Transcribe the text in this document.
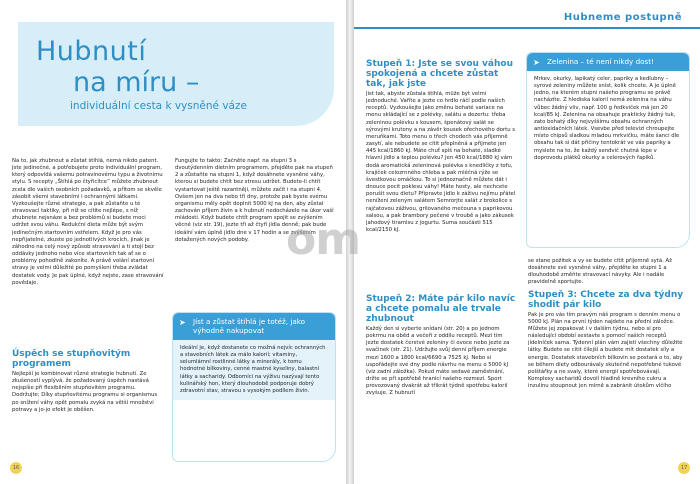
Hubnutí
na míru –
individuální cesta k vysněné váze
Na to, jak zhubnout a zůstat štíhlá, nemá nikdo patent. Jste jedinečné, a potřebujete proto individuální program, který odpovídá vašemu potravinovému typu a životnímu stylu. S recepty „Štíhlá po čtyřicítce“ můžete zhubnout zcela dle vašich osobních požadavků, a přitom se skvěle zásobit všemi stavebními i ochrannými látkami. Vyzkoušejte různé strategie, a pak zůstaňte u té stravovací taktiky, při níž se cítíte nejlépe, s níž zhubnete nejsnáze a bez problémů si budete moci udržet svou váhu. Redukční dieta může být svým jedinečným startovním vstřelem. Když je pro vás nepřijatelné, zkuste po jednotlivých krocích, jinak je záhodno na celý nový způsob stravování a ti stojí bez oddávky jednoho nebo více startovních tak ať se o problémy pohodlně zakoníte. A právě volání startovní stravy je velmi důležité po pomyšlení třeba zvládat dostatek vody. Je pak úplné, když nejste, zase stravování povědaje.
Úspěch se stupňovitým programem
Nejlepší je kombinovat různé strategie hubnutí. Ze zkušeností vyplývá, že požadovaný úspěch nastává nejspíše při flexibilním stupňovitém programu. Dodržujte; Díky stupňovitému programu si organismus po snížení váhy opět pomalu zvyká na větší množství potravy a jo-jo efekt je oběšen.
Fungujte to takto: Začněte např. na stupni 3 s dvoutýdenním dietním programem, přejděte pak na stupeň 2 a zůstaňte na stupni 1, když dosáhnete vysněné váhy, kterou si budete chtít bez stresu udržet. Budete-li chtít vystartovat ještě razantněji, můžete začít i na stupni 4. Ovšem jen na dva nebo tři dny, protože pak byste svému organismu měly opět doplnit 5000 kJ na den, aby zůstal zachován příjem živin a k hubnutí nedocházelo na úkor vaší mládosti. Když budete chtít program spojit se zvýšením věcné (viz str. 19), jezte tři až čtyři jídla denně; pak bude ideální vám úplně jídlo dne v 17 hodin a se zvýšením dotažených nových podoby.
➤ Jíst a zůstat štíhlá je totéž, jako výhodně nakupovat
Ideální je, když dostanete co možná nejvíc ochranných a stavebních látek za málo kalorií; vitaminy, selumlámní rostlinné látky a minerály, k tomu hodnotné bílkoviny, cenné mastné kyseliny, balastní látky a sacharidy. Odborníci na výživu nazývají tento kulinářský hon, který dlouhodobě podporuje dobrý zdravotní stav, stravou s vysokým podílem živin.
16
Hubneme postupně
Stupeň 1: Jste se svou váhou spokojená a chcete zůstat tak, jak jste
Jíst tak, abyste zůstala štíhlá, může být velmi jednoduché. Vaříte a jezte co hrdlo ráčí podle našich receptů. Vyzkoušejte jako změnu bohaté variace na menu skládající se z polévky, salátu a dezertu: třeba zeleninou polévku s kousem, špenátový salát se sýrovými krutony a na závěr kousek ořechového dortu s meruňkami. Toto menu o třech chodech vás příjemně zasytí, ale nebudete se cítit přeplněná a přijmete jen 445 kcal/1860 kJ. Máte chuť spíš na bohaté, sladké hlavní jídlo a teplou polévku? Jen 450 kcal/1880 kJ vám dodá aromatická zeleninová polévka s knedlíčky z tofu, krajíček celozrnného chleba a pak mléčná rýže se švestkovou omáčkou. To si jednoznačně můžete dát i dnouce pocit poklesu váhy! Máte hosty, ale nechcete porušit svou dietu? Připravte jídlo k záživu nejímu přátel nenížení zeleným salátem Semrorjte salát z brokolice s rajčatovou záživou, grilovaného mečouna s paprikovou salsou, a pak brambory pečené v troubě a jako zákusek jahodový tiramisu z jogurtu. Suma součásti 515 kcal/2150 kJ.
Stupeň 2: Máte pár kilo navíc a chcete pomalu ale trvale zhubnout
Každý den si vyberte snídani (str. 20) a po jednom pokrmu na oběd a večeři z oddílu receptů. Mezi tím jezte dostatek čerstvé zeleniny či ovoce nebo jezte za svačinek (str. 21). Udržujte svůj denní příjem energie mezi 1600 a 1800 kcal/6690 a 7525 kJ. Nebo si uspořádejte své dny podle návrhu na menu o 5000 kJ (viz zadní záložka). Pokud máte sedavé zaměstnání, držte se při spotřebě hranicí našeho rozmezí. Sport provozovaný dvakrát až třikrát týdně spotřebu kalorií zvyšuje. Z hubnutí
➤ Zelenina – té není nikdy dost!
Mrkev, okurky, lapikatý celer, papriky a kedlubny – syrové zeleniny můžete sníst, kolik chcete. A je úplně jedno, na kterém stupni našeho programu se právě nacházíte. Z hlediska kalorií nemá zelenina na váhu vůbec žádný vliv, např. 100 g ředkviček má jen 20 kcal/85 kJ. Zelenina na obsahuje prakticky žádný tuk, zato bohatý díky nejvyššímu obsahu ochranných antioxidačních látek. Vsevbe před televizí chroupejte místo chipsů sladkou mladou mrkvičku, máte šanci dle obsahu tak si dát příčiny tentokrát ve vás papriky a myslete na to, že každý sendvič chutná lépe v doprovodu plátků okurky a celerových řapíků.
se stane požitek a vy se budete cítit příjemně sytá. Až dosáhnete své vysněné váhy, přejděte ke stupni 1 a dlouhodobě změňte stravovací návyky. Ale i nadále pravidelně sportujte.
Stupeň 3: Chcete za dva týdny shodit pár kilo
Pak je pro vás tím pravým náš program s denním menu o 5000 kJ. Plán na první týden najdete na přední záložce. Můžete jej zopakovat i v dalším týdnu, nebo si pro následující období sestavte s pomocí našich receptů jídelníček sama. Týdenní plán vám zajistí všechny důležité látky. Budete se cítit čilejší a budete mít dostatek síly a energie. Dostatek stavebních bílkovin se postará o to, aby se během diety odbourávaly skutečně nepotřebné tukové polštářky a ne svaly, které energii spotřebovávají. Komplexy sacharidů dovolí hladině krevního cukru a inzulínu stoupnout jen mírně a zabránit útokům vlčího
17
om
